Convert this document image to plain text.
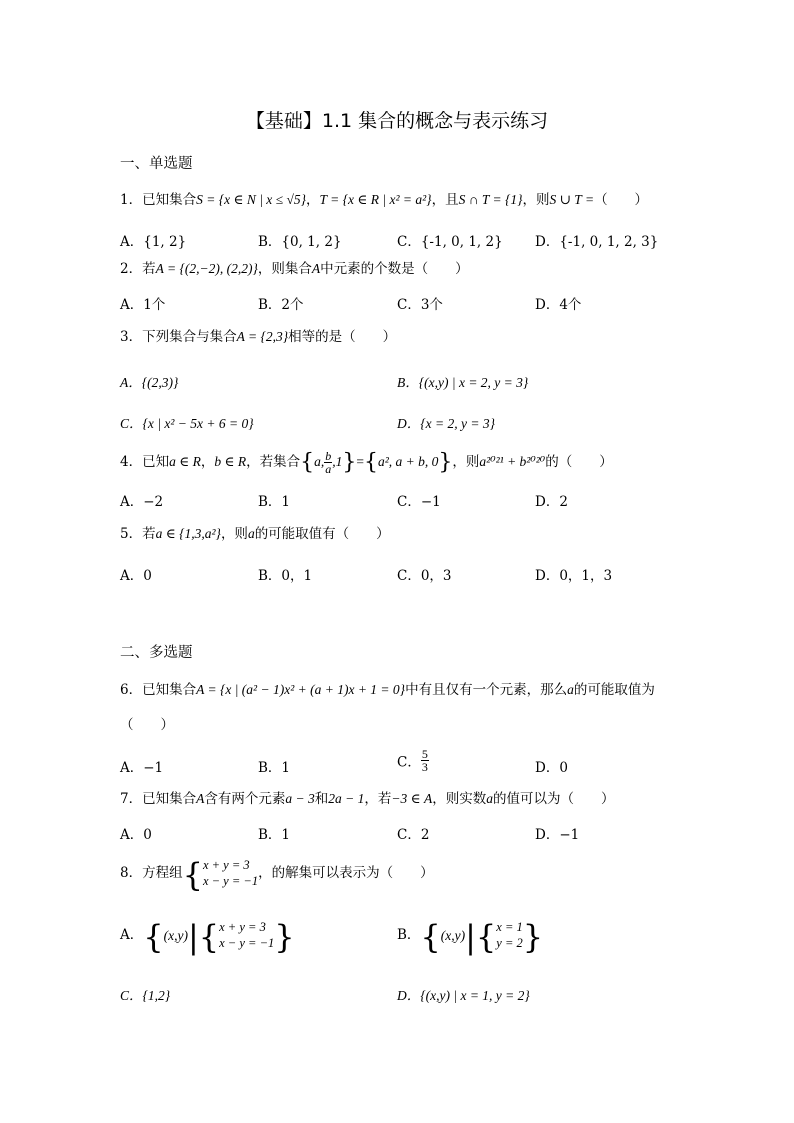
【基础】1.1 集合的概念与表示练习
一、单选题
1．已知集合S = {x ∈ N | x ≤ √5}，T = {x ∈ R | x² = a²}，且S ∩ T = {1}，则S ∪ T =（　　）
A．{1, 2}	B．{0, 1, 2}	C．{-1, 0, 1, 2} D．{-1, 0, 1, 2, 3}
2．若A = {(2,−2), (2,2)}，则集合A中元素的个数是（　　）
A．1个	B．2个	C．3个	D．4个
3．下列集合与集合A = {2,3}相等的是（　　）
A．{(2,3)}	B．{(x,y) | x = 2, y = 3}
C．{x | x² − 5x + 6 = 0}	D．{x = 2, y = 3}
4．已知a ∈ R，b ∈ R，若集合{a, $\frac{b}{a} ,1\}=\{a^2$, a + b, 0}，则a²⁰²¹ + b²⁰²⁰的（　　）
A．−2	B．1	C．−1	D．2
5．若a ∈ {1,3,a²}，则a的可能取值有（　　）
A．0	B．0，1	C．0，3	D．0，1，3
二、多选题
6．已知集合A = {x | (a² − 1)x² + (a + 1)x + 1 = 0}中有且仅有一个元素，那么a的可能取值为
（　　）
A．−1	B．1	C． $\frac{5}{3}$	D．0
7．已知集合A含有两个元素a − 3和2a − 1，若−3 ∈ A，则实数a的值可以为（　　）
A．0	B．1	C．2	D．−1
8．方程组{ x + y = 3
x − y = −1 ，的解集可以表示为（　　）
A．{(x,y)|{ x + y = 3
x − y = −1 }	B．{(x,y)|{ x = 1
y = 2 }
C．{1,2}	D．{(x,y) | x = 1, y = 2}
